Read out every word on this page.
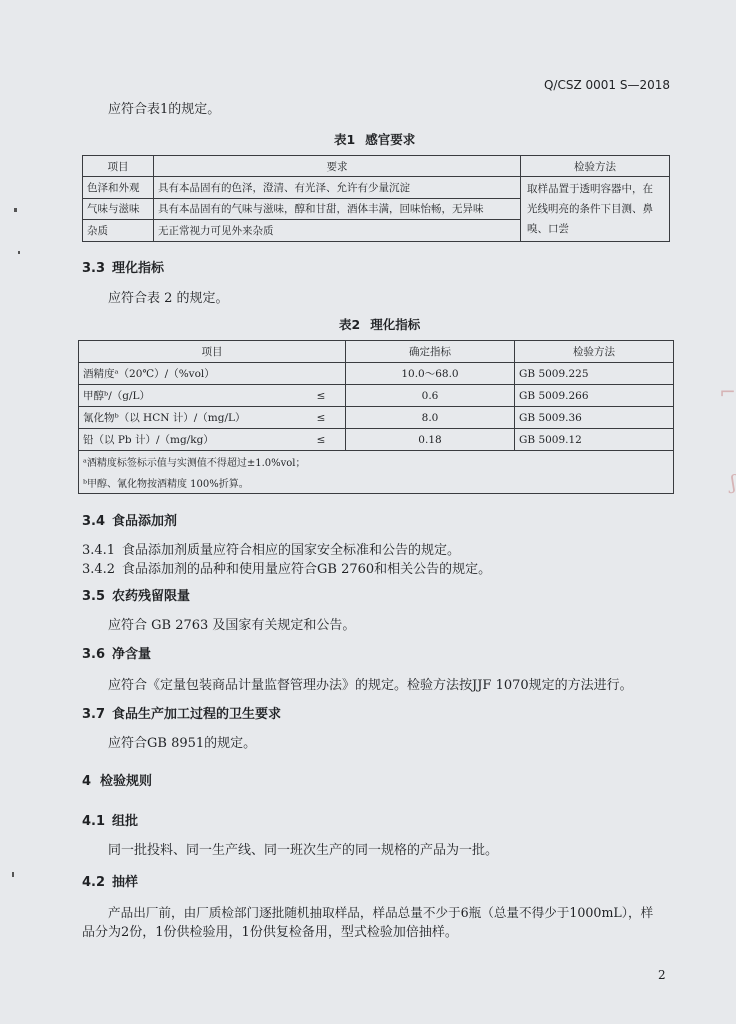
Q/CSZ 0001 S—2018
应符合表1的规定。
表1 感官要求
项目	要求	检验方法
色泽和外观	具有本品固有的色泽，澄清、有光泽、允许有少量沉淀	取样品置于透明容器中，在光线明亮的条件下目测、鼻嗅、口尝
气味与滋味	具有本品固有的气味与滋味，醇和甘甜，酒体丰满，回味怡畅，无异味	
杂质	无正常视力可见外来杂质	
3.3 理化指标
应符合表 2 的规定。
表2 理化指标
项目		确定指标	检验方法
酒精度ᵃ（20℃）/（%vol）		10.0～68.0	GB 5009.225
甲醇ᵇ/（g/L）	≤	0.6	GB 5009.266
氰化物ᵇ（以 HCN 计）/（mg/L）	≤	8.0	GB 5009.36
铅（以 Pb 计）/（mg/kg）	≤	0.18	GB 5009.12
ᵃ酒精度标签标示值与实测值不得超过±1.0%vol；			
ᵇ甲醇、氰化物按酒精度 100%折算。			
3.4 食品添加剂
3.4.1 食品添加剂质量应符合相应的国家安全标准和公告的规定。
3.4.2 食品添加剂的品种和使用量应符合GB 2760和相关公告的规定。
3.5 农药残留限量
应符合 GB 2763 及国家有关规定和公告。
3.6 净含量
应符合《定量包装商品计量监督管理办法》的规定。检验方法按JJF 1070规定的方法进行。
3.7 食品生产加工过程的卫生要求
应符合GB 8951的规定。
4 检验规则
4.1 组批
同一批投料、同一生产线、同一班次生产的同一规格的产品为一批。
4.2 抽样
产品出厂前，由厂质检部门逐批随机抽取样品，样品总量不少于6瓶（总量不得少于1000mL），样
品分为2份，1份供检验用，1份供复检备用，型式检验加倍抽样。
2
⌐
ʃ
